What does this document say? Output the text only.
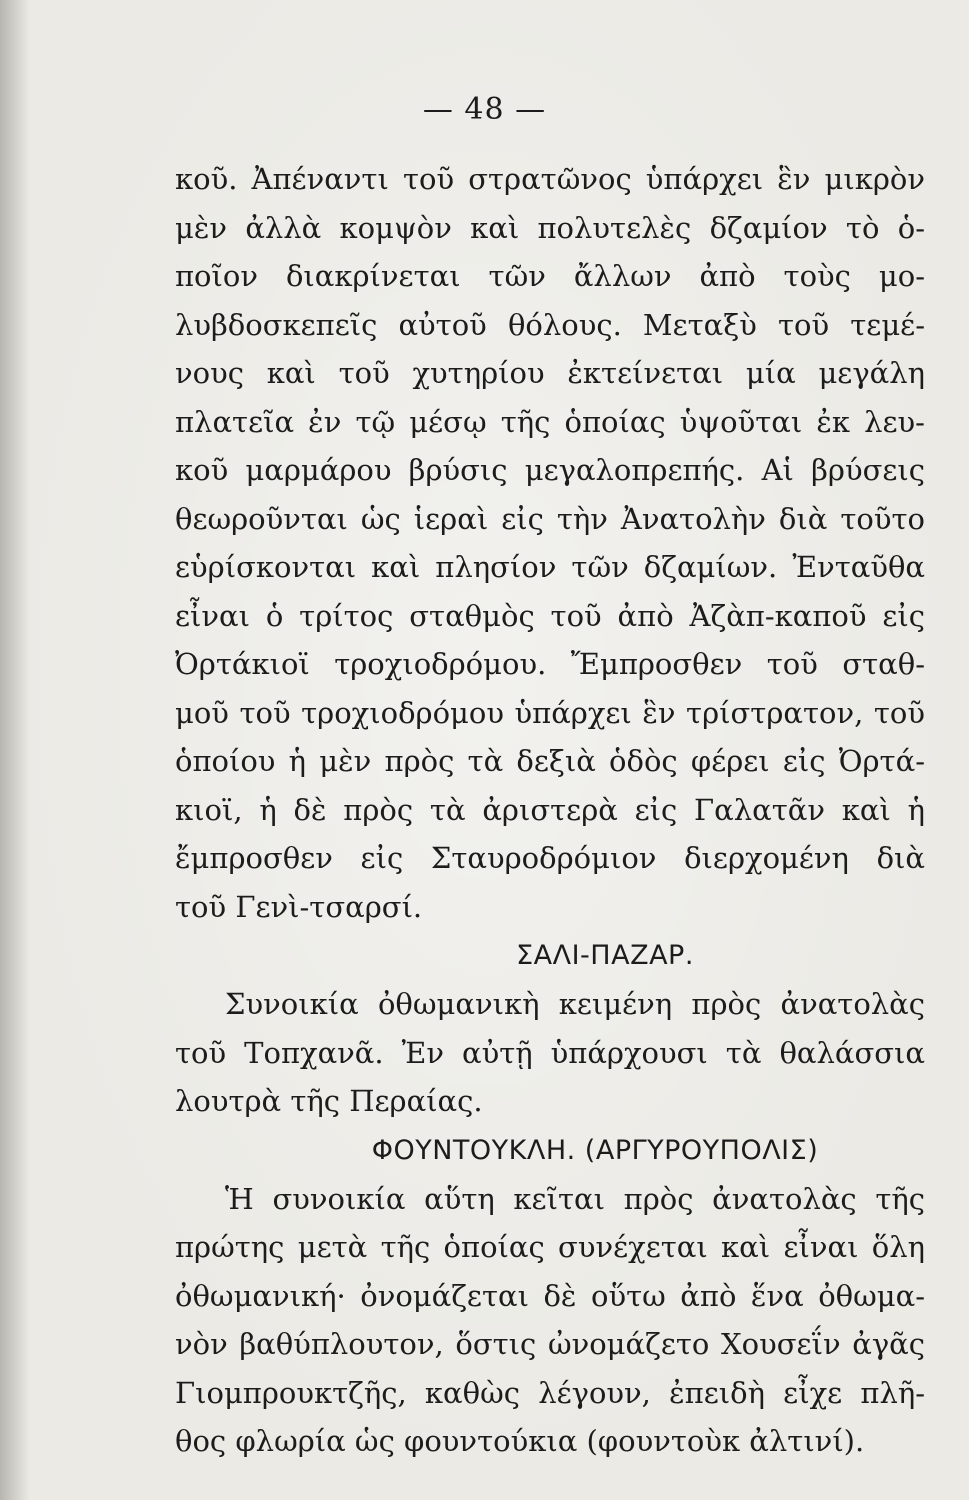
— 48 —
κοῦ. Ἀπέναντι τοῦ στρατῶνος ὑπάρχει ἓν μικρὸν
μὲν ἀλλὰ κομψὸν καὶ πολυτελὲς δζαμίον τὸ ὁ-
ποῖον διακρίνεται τῶν ἄλλων ἀπὸ τοὺς μο-
λυβδοσκεπεῖς αὐτοῦ θόλους. Μεταξὺ τοῦ τεμέ-
νους καὶ τοῦ χυτηρίου ἐκτείνεται μία μεγάλη
πλατεῖα ἐν τῷ μέσῳ τῆς ὁποίας ὑψοῦται ἐκ λευ-
κοῦ μαρμάρου βρύσις μεγαλοπρεπής. Αἱ βρύσεις
θεωροῦνται ὡς ἱεραὶ εἰς τὴν Ἀνατολὴν διὰ τοῦτο
εὑρίσκονται καὶ πλησίον τῶν δζαμίων. Ἐνταῦθα
εἶναι ὁ τρίτος σταθμὸς τοῦ ἀπὸ Ἀζὰπ-καποῦ εἰς
Ὀρτάκιοϊ τροχιοδρόμου. Ἔμπροσθεν τοῦ σταθ-
μοῦ τοῦ τροχιοδρόμου ὑπάρχει ἓν τρίστρατον, τοῦ
ὁποίου ἡ μὲν πρὸς τὰ δεξιὰ ὁδὸς φέρει εἰς Ὀρτά-
κιοϊ, ἡ δὲ πρὸς τὰ ἀριστερὰ εἰς Γαλατᾶν καὶ ἡ
ἔμπροσθεν εἰς Σταυροδρόμιον διερχομένη διὰ
τοῦ Γενὶ-τσαρσί.
ΣΑΛΙ-ΠΑΖΑΡ.
Συνοικία ὀθωμανικὴ κειμένη πρὸς ἀνατολὰς
τοῦ Τοπχανᾶ. Ἐν αὐτῇ ὑπάρχουσι τὰ θαλάσσια
λουτρὰ τῆς Περαίας.
ΦΟΥΝΤΟΥΚΛΗ. (ΑΡΓΥΡΟΥΠΟΛΙΣ)
Ἡ συνοικία αὕτη κεῖται πρὸς ἀνατολὰς τῆς
πρώτης μετὰ τῆς ὁποίας συνέχεται καὶ εἶναι ὅλη
ὀθωμανική· ὀνομάζεται δὲ οὕτω ἀπὸ ἕνα ὀθωμα-
νὸν βαθύπλουτον, ὅστις ὠνομάζετο Χουσεΐν ἀγᾶς
Γιομπρουκτζῆς, καθὼς λέγουν, ἐπειδὴ εἶχε πλῆ-
θος φλωρία ὡς φουντούκια (φουντοὺκ ἀλτινί).
